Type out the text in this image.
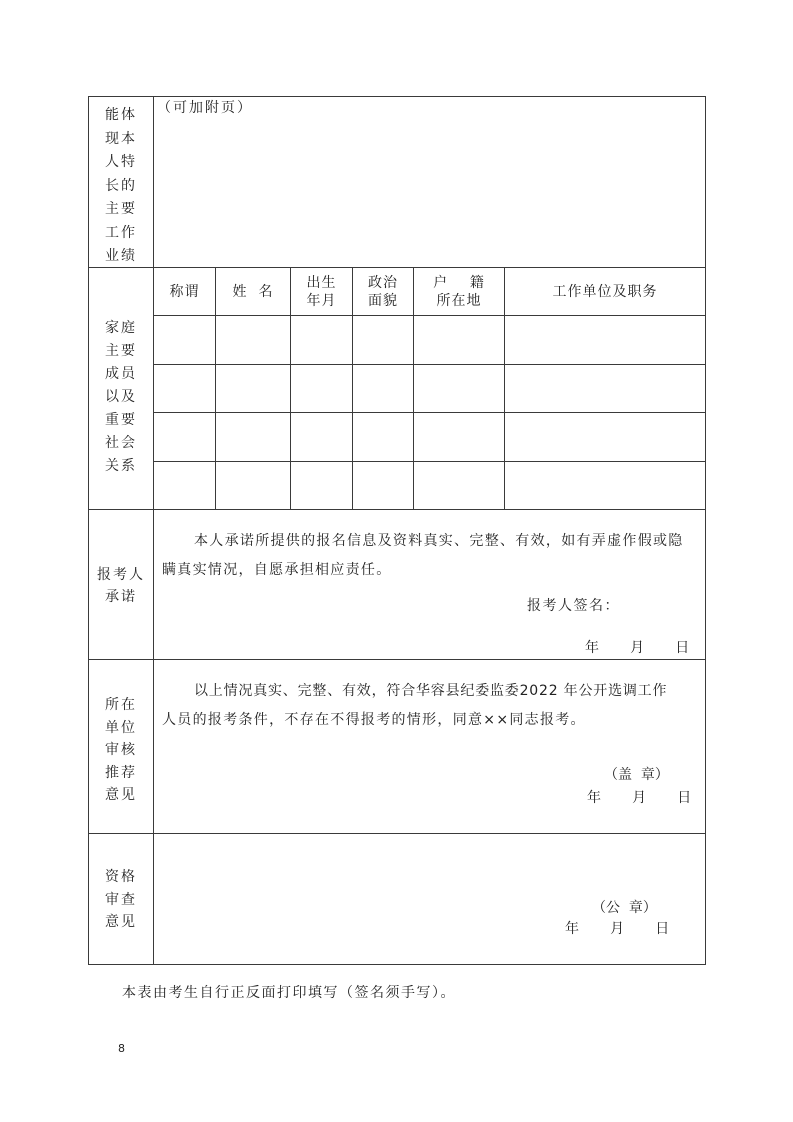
能体
现本
人特
长的
主要
工作
业绩
（可加附页）
家庭
主要
成员
以及
重要
社会
关系
称谓 姓  名
出生
年月
政治
面貌
户    籍
所在地
工作单位及职务
报考人
承诺
本人承诺所提供的报名信息及资料真实、完整、有效，如有弄虚作假或隐
瞒真实情况，自愿承担相应责任。
报考人签名：
年       月       日
所在
单位
审核
推荐
意见
以上情况真实、完整、有效，符合华容县纪委监委2022 年公开选调工作
人员的报考条件，不存在不得报考的情形，同意××同志报考。
（盖  章）
年       月       日
资格
审查
意见
（公  章）
年       月       日
本表由考生自行正反面打印填写（签名须手写）。
8
